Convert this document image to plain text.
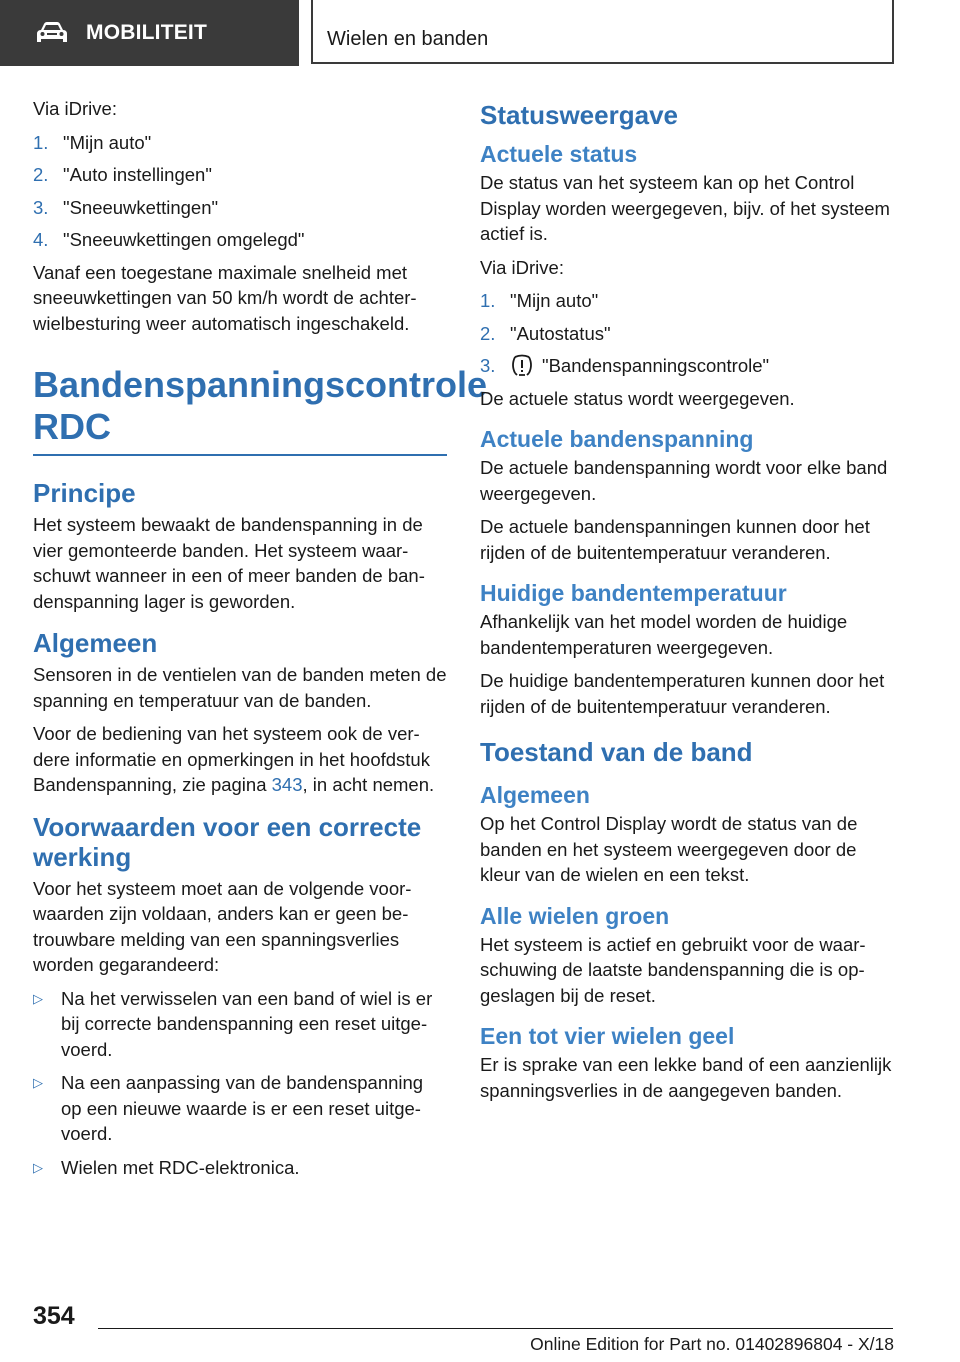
MOBILITEIT	Wielen en banden

Via iDrive:

1. "Mijn auto"
2. "Auto instellingen"
3. "Sneeuwkettingen"
4. "Sneeuwkettingen omgelegd"

Vanaf een toegestane maximale snelheid met sneeuwkettingen van 50 km/h wordt de achterwielbesturing weer automatisch ingeschakeld.

Bandenspanningscontrole
RDC
Principe

Het systeem bewaakt de bandenspanning in de vier gemonteerde banden. Het systeem waarschuwt wanneer in een of meer banden de bandenspanning lager is geworden.

Algemeen

Sensoren in de ventielen van de banden meten de spanning en temperatuur van de banden.

Voor de bediening van het systeem ook de verdere informatie en opmerkingen in het hoofdstuk Bandenspanning, zie pagina 343, in acht nemen.

Voorwaarden voor een correcte werking

Voor het systeem moet aan de volgende voorwaarden zijn voldaan, anders kan er geen betrouwbare melding van een spanningsverlies worden gegarandeerd:

▷ Na het verwisselen van een band of wiel is er bij correcte bandenspanning een reset uitgevoerd.
▷ Na een aanpassing van de bandenspanning op een nieuwe waarde is er een reset uitgevoerd.
▷ Wielen met RDC-elektronica.
Statusweergave
Actuele status

De status van het systeem kan op het Control Display worden weergegeven, bijv. of het systeem actief is.

Via iDrive:

1. "Mijn auto"
2. "Autostatus"
3.	"Bandenspanningscontrole"

De actuele status wordt weergegeven.

Actuele bandenspanning

De actuele bandenspanning wordt voor elke band weergegeven.

De actuele bandenspanningen kunnen door het rijden of de buitentemperatuur veranderen.

Huidige bandentemperatuur

Afhankelijk van het model worden de huidige bandentemperaturen weergegeven.

De huidige bandentemperaturen kunnen door het rijden of de buitentemperatuur veranderen.

Toestand van de band
Algemeen

Op het Control Display wordt de status van de banden en het systeem weergegeven door de kleur van de wielen en een tekst.

Alle wielen groen

Het systeem is actief en gebruikt voor de waarschuwing de laatste bandenspanning die is opgeslagen bij de reset.

Een tot vier wielen geel

Er is sprake van een lekke band of een aanzienlijk spanningsverlies in de aangegeven banden.

354
Online Edition for Part no. 01402896804 - X/18
